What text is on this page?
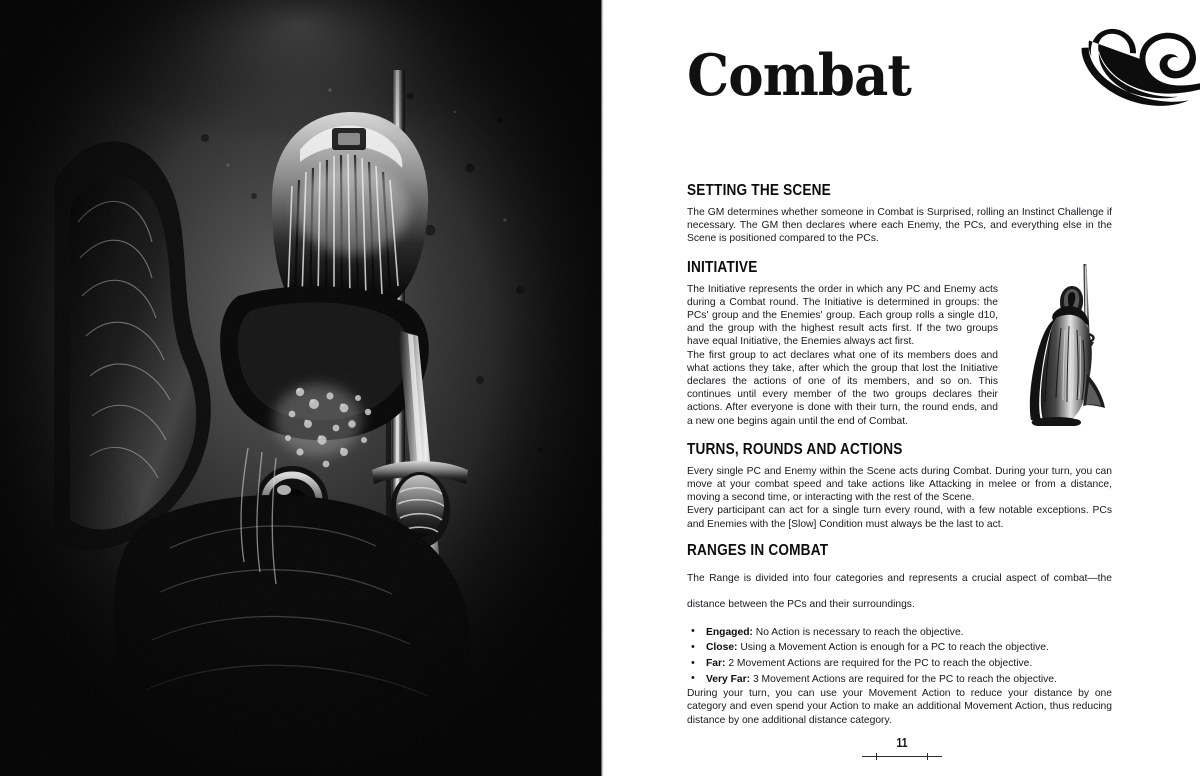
Combat
SETTING THE SCENE

The GM determines whether someone in Combat is Surprised, rolling an Instinct Challenge if necessary. The GM then declares where each Enemy, the PCs, and everything else in the Scene is positioned compared to the PCs.

INITIATIVE

The Initiative represents the order in which any PC and Enemy acts during a Combat round. The Initiative is determined in groups: the PCs' group and the Enemies' group. Each group rolls a single d10, and the group with the highest result acts first. If the two groups have equal Initiative, the Enemies always act first.

The first group to act declares what one of its members does and what actions they take, after which the group that lost the Initiative declares the actions of one of its members, and so on. This continues until every member of the two groups declares their actions. After everyone is done with their turn, the round ends, and a new one begins again until the end of Combat.

TURNS, ROUNDS AND ACTIONS

Every single PC and Enemy within the Scene acts during Combat. During your turn, you can move at your combat speed and take actions like Attacking in melee or from a distance, moving a second time, or interacting with the rest of the Scene.

Every participant can act for a single turn every round, with a few notable exceptions. PCs and Enemies with the [Slow] Condition must always be the last to act.

RANGES IN COMBAT

The Range is divided into four categories and represents a crucial aspect of combat—the distance between the PCs and their surroundings.

• Engaged: No Action is necessary to reach the objective.
• Close: Using a Movement Action is enough for a PC to reach the objective.
• Far: 2 Movement Actions are required for the PC to reach the objective.
• Very Far: 3 Movement Actions are required for the PC to reach the objective.

During your turn, you can use your Movement Action to reduce your distance by one category and even spend your Action to make an additional Movement Action, thus reducing distance by one additional distance category.

11
